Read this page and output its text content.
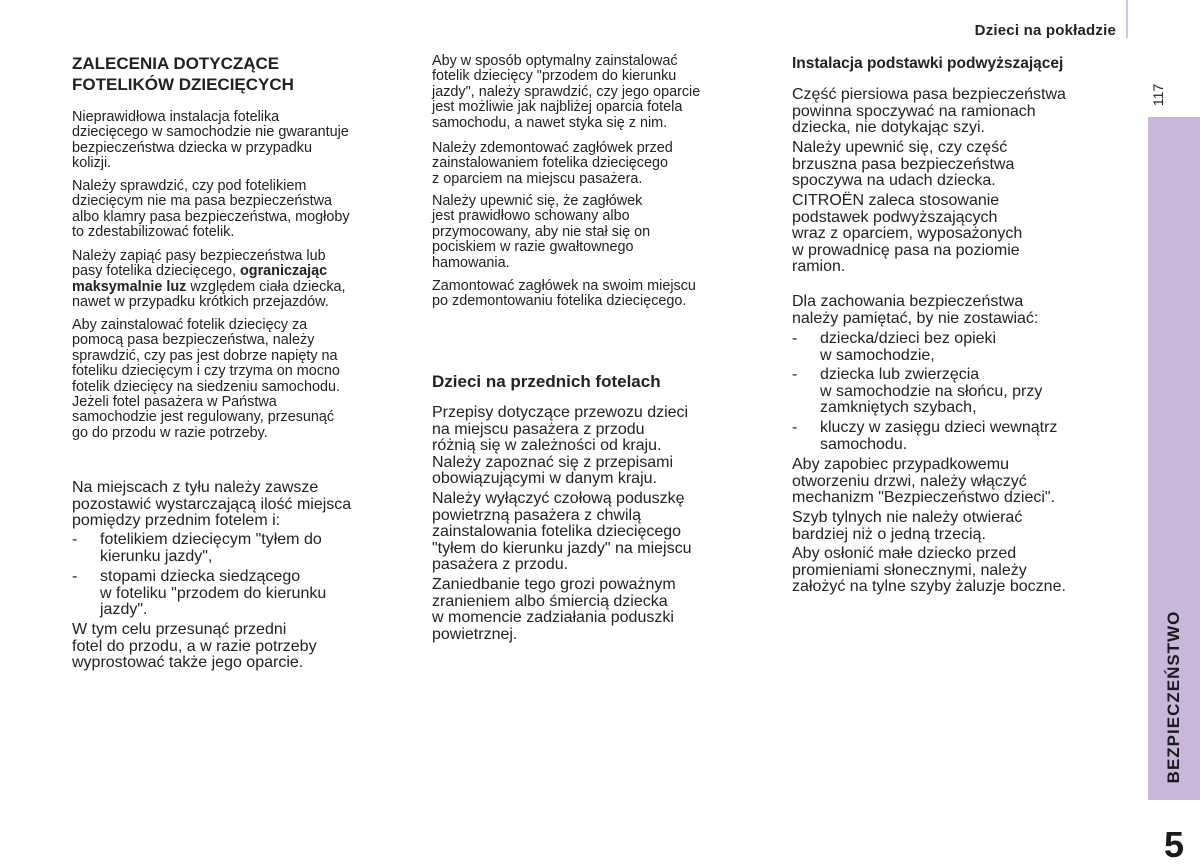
Dzieci na pokładzie
117
BEZPIECZEŃSTWO
5
ZALECENIA DOTYCZĄCE
FOTELIKÓW DZIECIĘCYCH
Nieprawidłowa instalacja fotelika
dziecięcego w samochodzie nie gwarantuje
bezpieczeństwa dziecka w przypadku
kolizji.
Należy sprawdzić, czy pod fotelikiem
dziecięcym nie ma pasa bezpieczeństwa
albo klamry pasa bezpieczeństwa, mogłoby
to zdestabilizować fotelik.
Należy zapiąć pasy bezpieczeństwa lub
pasy fotelika dziecięcego, ograniczając
maksymalnie luz względem ciała dziecka,
nawet w przypadku krótkich przejazdów.
Aby zainstalować fotelik dziecięcy za
pomocą pasa bezpieczeństwa, należy
sprawdzić, czy pas jest dobrze napięty na
foteliku dziecięcym i czy trzyma on mocno
fotelik dziecięcy na siedzeniu samochodu.
Jeżeli fotel pasażera w Państwa
samochodzie jest regulowany, przesunąć
go do przodu w razie potrzeby.
Na miejscach z tyłu należy zawsze
pozostawić wystarczającą ilość miejsca
pomiędzy przednim fotelem i:
- fotelikiem dziecięcym "tyłem do
kierunku jazdy",
- stopami dziecka siedzącego
w foteliku "przodem do kierunku
jazdy".
W tym celu przesunąć przedni
fotel do przodu, a w razie potrzeby
wyprostować także jego oparcie.
Aby w sposób optymalny zainstalować
fotelik dziecięcy "przodem do kierunku
jazdy", należy sprawdzić, czy jego oparcie
jest możliwie jak najbliżej oparcia fotela
samochodu, a nawet styka się z nim.
Należy zdemontować zagłówek przed
zainstalowaniem fotelika dziecięcego
z oparciem na miejscu pasażera.
Należy upewnić się, że zagłówek
jest prawidłowo schowany albo
przymocowany, aby nie stał się on
pociskiem w razie gwałtownego
hamowania.
Zamontować zagłówek na swoim miejscu
po zdemontowaniu fotelika dziecięcego.
Dzieci na przednich fotelach
Przepisy dotyczące przewozu dzieci
na miejscu pasażera z przodu
różnią się w zależności od kraju.
Należy zapoznać się z przepisami
obowiązującymi w danym kraju.
Należy wyłączyć czołową poduszkę
powietrzną pasażera z chwilą
zainstalowania fotelika dziecięcego
"tyłem do kierunku jazdy" na miejscu
pasażera z przodu.
Zaniedbanie tego grozi poważnym
zranieniem albo śmiercią dziecka
w momencie zadziałania poduszki
powietrznej.
Instalacja podstawki podwyższającej
Część piersiowa pasa bezpieczeństwa
powinna spoczywać na ramionach
dziecka, nie dotykając szyi.
Należy upewnić się, czy część
brzuszna pasa bezpieczeństwa
spoczywa na udach dziecka.
CITROËN zaleca stosowanie
podstawek podwyższających
wraz z oparciem, wyposażonych
w prowadnicę pasa na poziomie
ramion.
Dla zachowania bezpieczeństwa
należy pamiętać, by nie zostawiać:
- dziecka/dzieci bez opieki
w samochodzie,
- dziecka lub zwierzęcia
w samochodzie na słońcu, przy
zamkniętych szybach,
- kluczy w zasięgu dzieci wewnątrz
samochodu.
Aby zapobiec przypadkowemu
otworzeniu drzwi, należy włączyć
mechanizm "Bezpieczeństwo dzieci".
Szyb tylnych nie należy otwierać
bardziej niż o jedną trzecią.
Aby osłonić małe dziecko przed
promieniami słonecznymi, należy
założyć na tylne szyby żaluzje boczne.
